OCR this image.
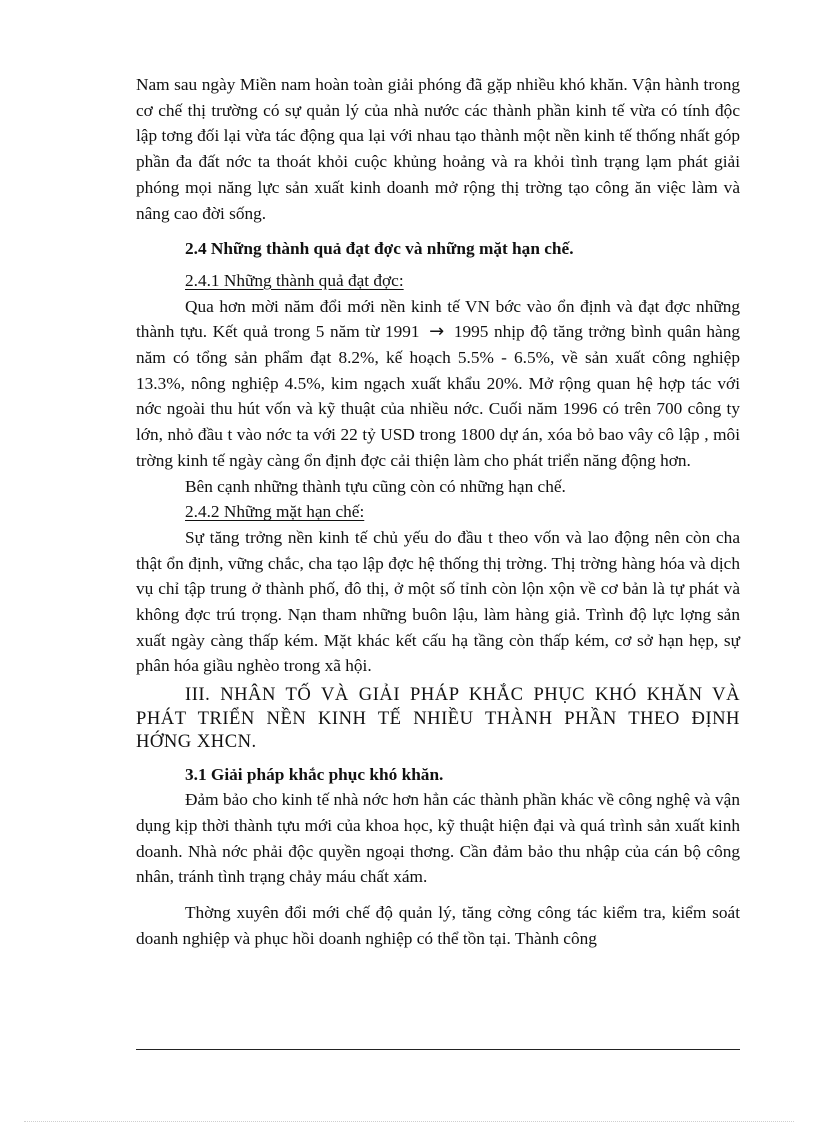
Nam sau ngày Miền nam hoàn toàn giải phóng đã gặp nhiều khó khăn. Vận hành trong cơ chế thị trường có sự quản lý của nhà nước các thành phần kinh tế vừa có tính độc lập tơng đối lại vừa tác động qua lại với nhau tạo thành một nền kinh tế thống nhất góp phần đa đất nớc ta thoát khỏi cuộc khủng hoảng và ra khỏi tình trạng lạm phát giải phóng mọi năng lực sản xuất kinh doanh mở rộng thị trờng tạo công ăn việc làm và nâng cao đời sống.

2.4 Những thành quả đạt đợc và những mặt hạn chế.
2.4.1 Những thành quả đạt đợc:

Qua hơn mời năm đổi mới nền kinh tế VN bớc vào ổn định và đạt đợc những thành tựu. Kết quả trong 5 năm từ 1991 → 1995 nhịp độ tăng trởng bình quân hàng năm có tổng sản phẩm đạt 8.2%, kế hoạch 5.5% - 6.5%, về sản xuất công nghiệp 13.3%, nông nghiệp 4.5%, kim ngạch xuất khẩu 20%. Mở rộng quan hệ hợp tác với nớc ngoài thu hút vốn và kỹ thuật của nhiều nớc. Cuối năm 1996 có trên 700 công ty lớn, nhỏ đầu t vào nớc ta với 22 tỷ USD trong 1800 dự án, xóa bỏ bao vây cô lập , môi trờng kinh tế ngày càng ổn định đợc cải thiện làm cho phát triển năng động hơn.

Bên cạnh những thành tựu cũng còn có những hạn chế.

2.4.2 Những mặt hạn chế:

Sự tăng trởng nền kinh tế chủ yếu do đầu t theo vốn và lao động nên còn cha thật ổn định, vững chắc, cha tạo lập đợc hệ thống thị trờng. Thị trờng hàng hóa và dịch vụ chỉ tập trung ở thành phố, đô thị, ở một số tỉnh còn lộn xộn về cơ bản là tự phát và không đợc trú trọng. Nạn tham những buôn lậu, làm hàng giả. Trình độ lực lợng sản xuất ngày càng thấp kém. Mặt khác kết cấu hạ tầng còn thấp kém, cơ sở hạn hẹp, sự phân hóa giầu nghèo trong xã hội.

III. NHÂN TỐ VÀ GIẢI PHÁP KHẮC PHỤC KHÓ KHĂN VÀ PHÁT TRIỂN NỀN KINH TẾ NHIỀU THÀNH PHẦN THEO ĐỊNH HỚNG XHCN.

3.1 Giải pháp khắc phục khó khăn.

Đảm bảo cho kinh tế nhà nớc hơn hẳn các thành phần khác về công nghệ và vận dụng kịp thời thành tựu mới của khoa học, kỹ thuật hiện đại và quá trình sản xuất kinh doanh. Nhà nớc phải độc quyền ngoại thơng. Cần đảm bảo thu nhập của cán bộ công nhân, tránh tình trạng chảy máu chất xám.

Thờng xuyên đổi mới chế độ quản lý, tăng cờng công tác kiểm tra, kiểm soát doanh nghiệp và phục hồi doanh nghiệp có thể tồn tại. Thành công
